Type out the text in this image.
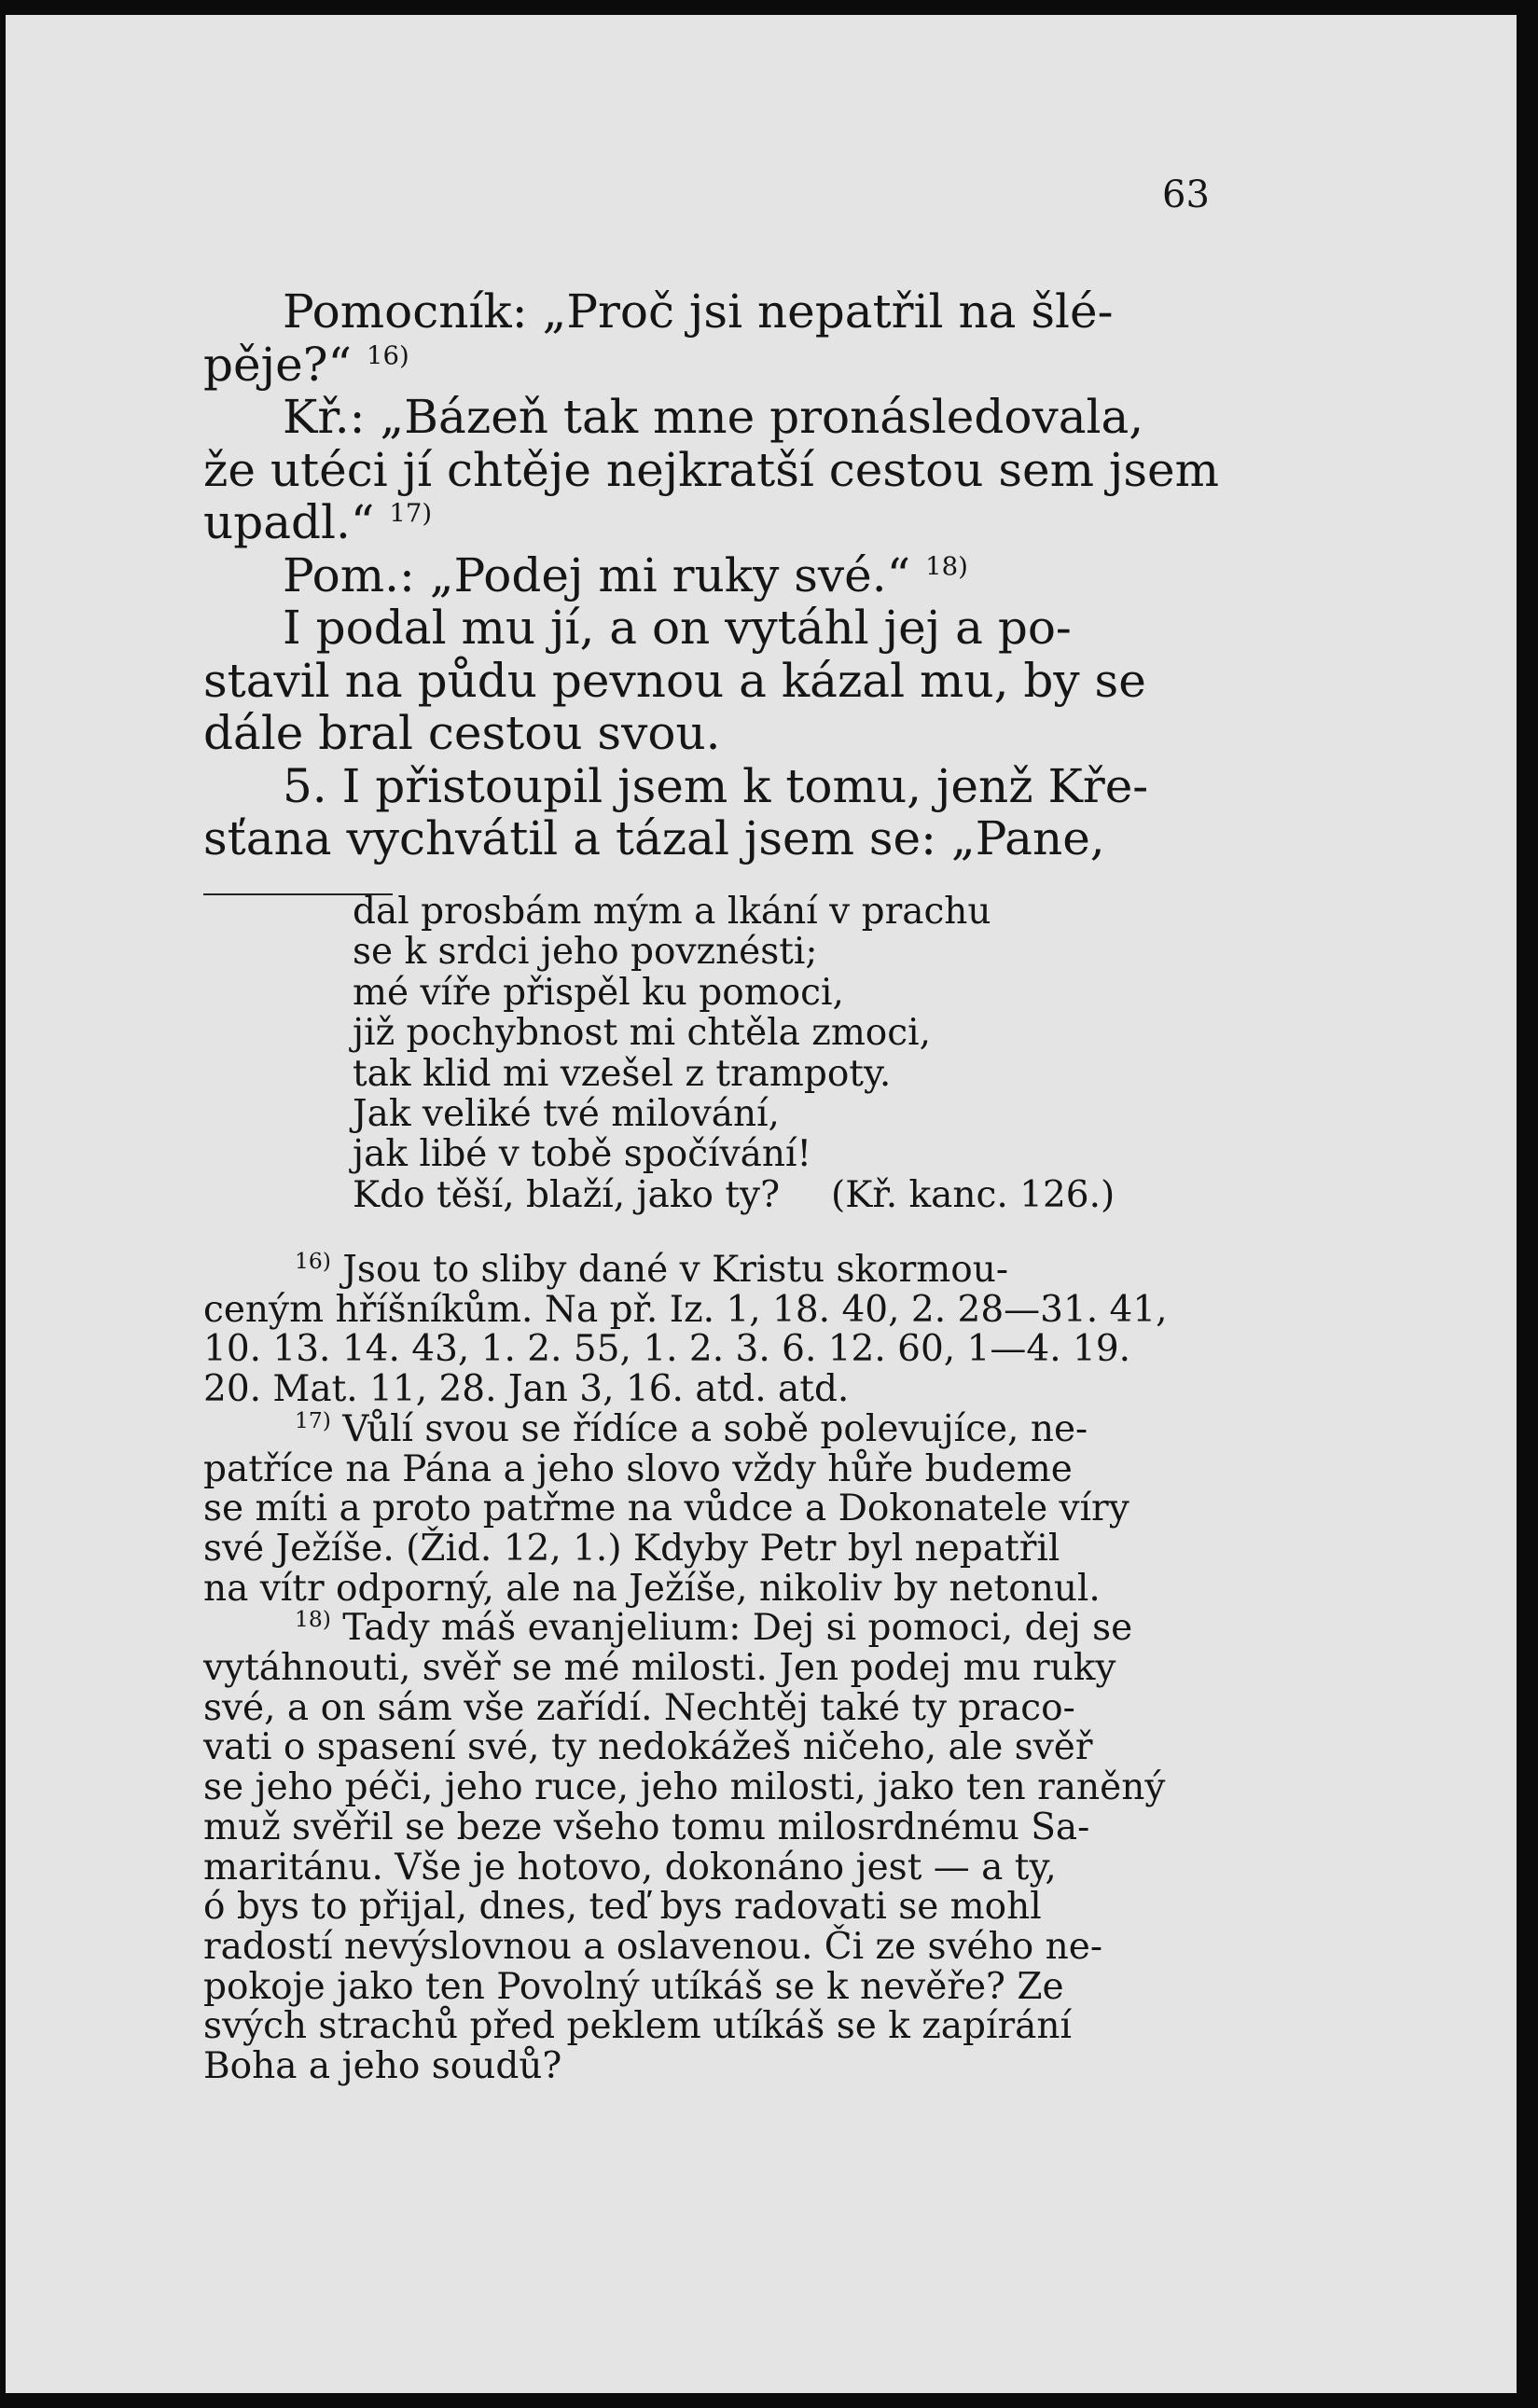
63
Pomocník: „Proč jsi nepatřil na šlé-
pěje?“ $^{16)}$
Kř.: „Bázeň tak mne pronásledovala,
že utéci jí chtěje nejkratší cestou sem jsem
upadl.“ $^{17)}$
Pom.: „Podej mi ruky své.“ $^{18)}$
I podal mu jí, a on vytáhl jej a po-
stavil na půdu pevnou a kázal mu, by se
dále bral cestou svou.
5. I přistoupil jsem k tomu, jenž Kře-
sťana vychvátil a tázal jsem se: „Pane,
dal prosbám mým a lkání v prachu
se k srdci jeho povznésti;
mé víře přispěl ku pomoci,
již pochybnost mi chtěla zmoci,
tak klid mi vzešel z trampoty.
Jak veliké tvé milování,
jak libé v tobě spočívání!
Kdo těší, blaží, jako ty? (Kř. kanc. 126.)
$^{16)}$ Jsou to sliby dané v Kristu skormou-
ceným hříšníkům. Na př. Iz. 1, 18. 40, 2. 28—31. 41,
10. 13. 14. 43, 1. 2. 55, 1. 2. 3. 6. 12. 60, 1—4. 19.
20. Mat. 11, 28. Jan 3, 16. atd. atd.
$^{17)}$ Vůlí svou se řídíce a sobě polevujíce, ne-
patříce na Pána a jeho slovo vždy hůře budeme
se míti a proto patřme na vůdce a Dokonatele víry
své Ježíše. (Žid. 12, 1.) Kdyby Petr byl nepatřil
na vítr odporný, ale na Ježíše, nikoliv by netonul.
$^{18)}$ Tady máš evanjelium: Dej si pomoci, dej se
vytáhnouti, svěř se mé milosti. Jen podej mu ruky
své, a on sám vše zařídí. Nechtěj také ty praco-
vati o spasení své, ty nedokážeš ničeho, ale svěř
se jeho péči, jeho ruce, jeho milosti, jako ten raněný
muž svěřil se beze všeho tomu milosrdnému Sa-
maritánu. Vše je hotovo, dokonáno jest — a ty,
ó bys to přijal, dnes, teď bys radovati se mohl
radostí nevýslovnou a oslavenou. Či ze svého ne-
pokoje jako ten Povolný utíkáš se k nevěře? Ze
svých strachů před peklem utíkáš se k zapírání
Boha a jeho soudů?
